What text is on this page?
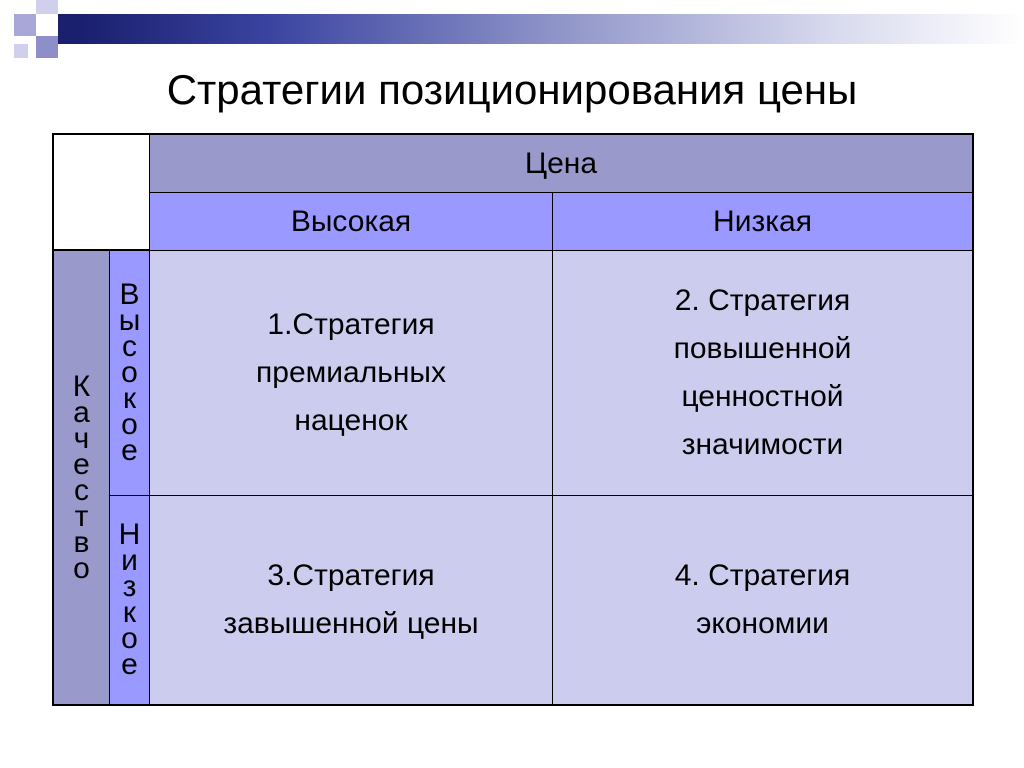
Стратегии позиционирования цены
Цена
Высокая	Низкая
К
а
ч
е
с
т
в
о
В
ы
с
о
к
о
е
Н
и
з
к
о
е
1.Стратегия
премиальных
наценок
2. Стратегия
повышенной
ценностной
значимости
3.Стратегия
завышенной цены
4. Стратегия
экономии
